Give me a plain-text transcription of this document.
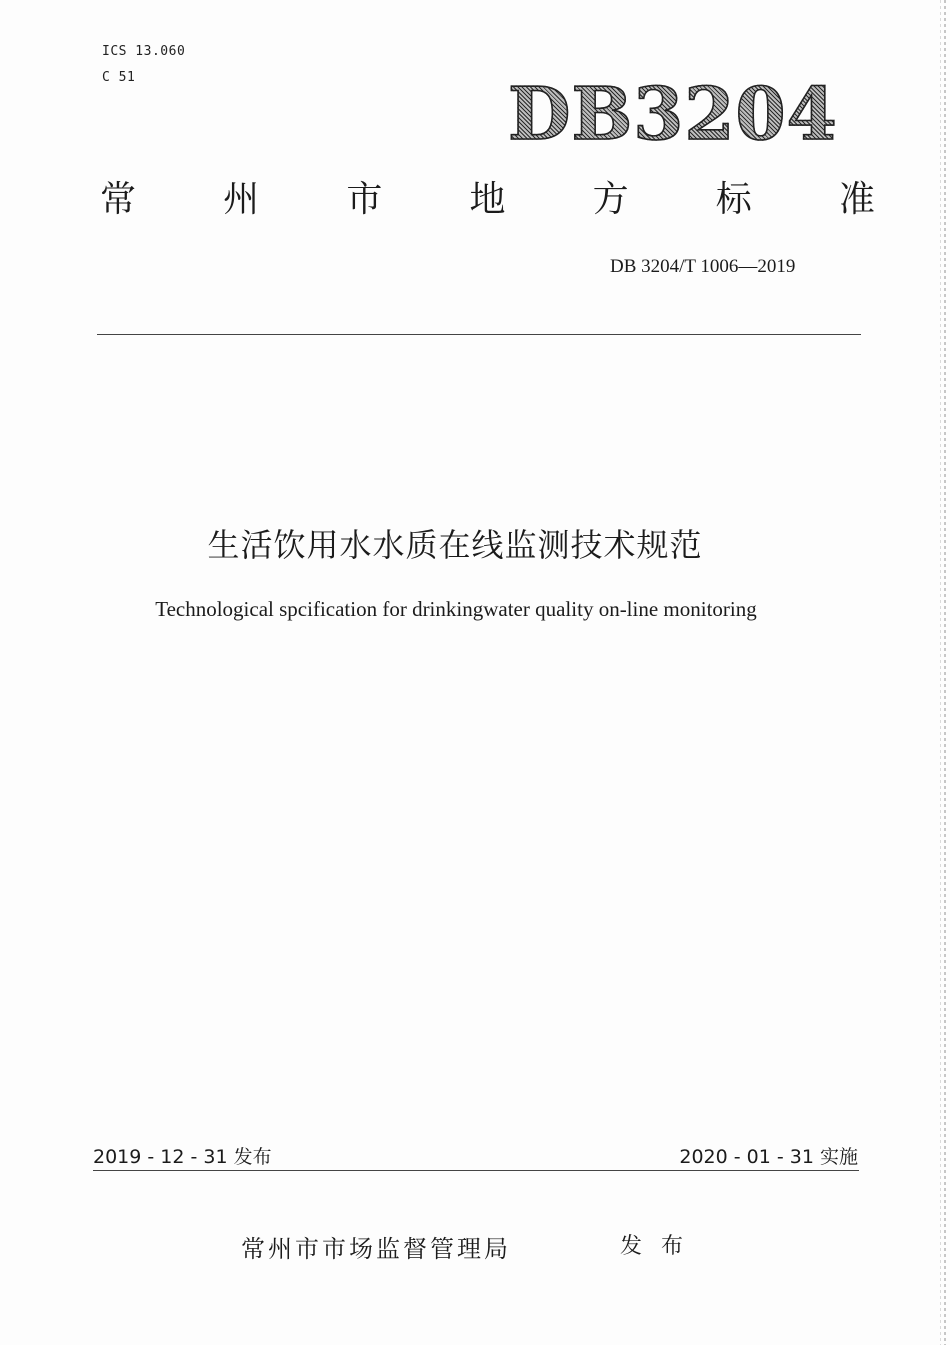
ICS 13.060
C 51	DB3204
常 州 市 地 方 标 准
DB 3204/T 1006—2019
生活饮用水水质在线监测技术规范
Technological spcification for drinkingwater quality on-line monitoring
2019 - 12 - 31 发布	2020 - 01 - 31 实施
常州市市场监督管理局	发 布
